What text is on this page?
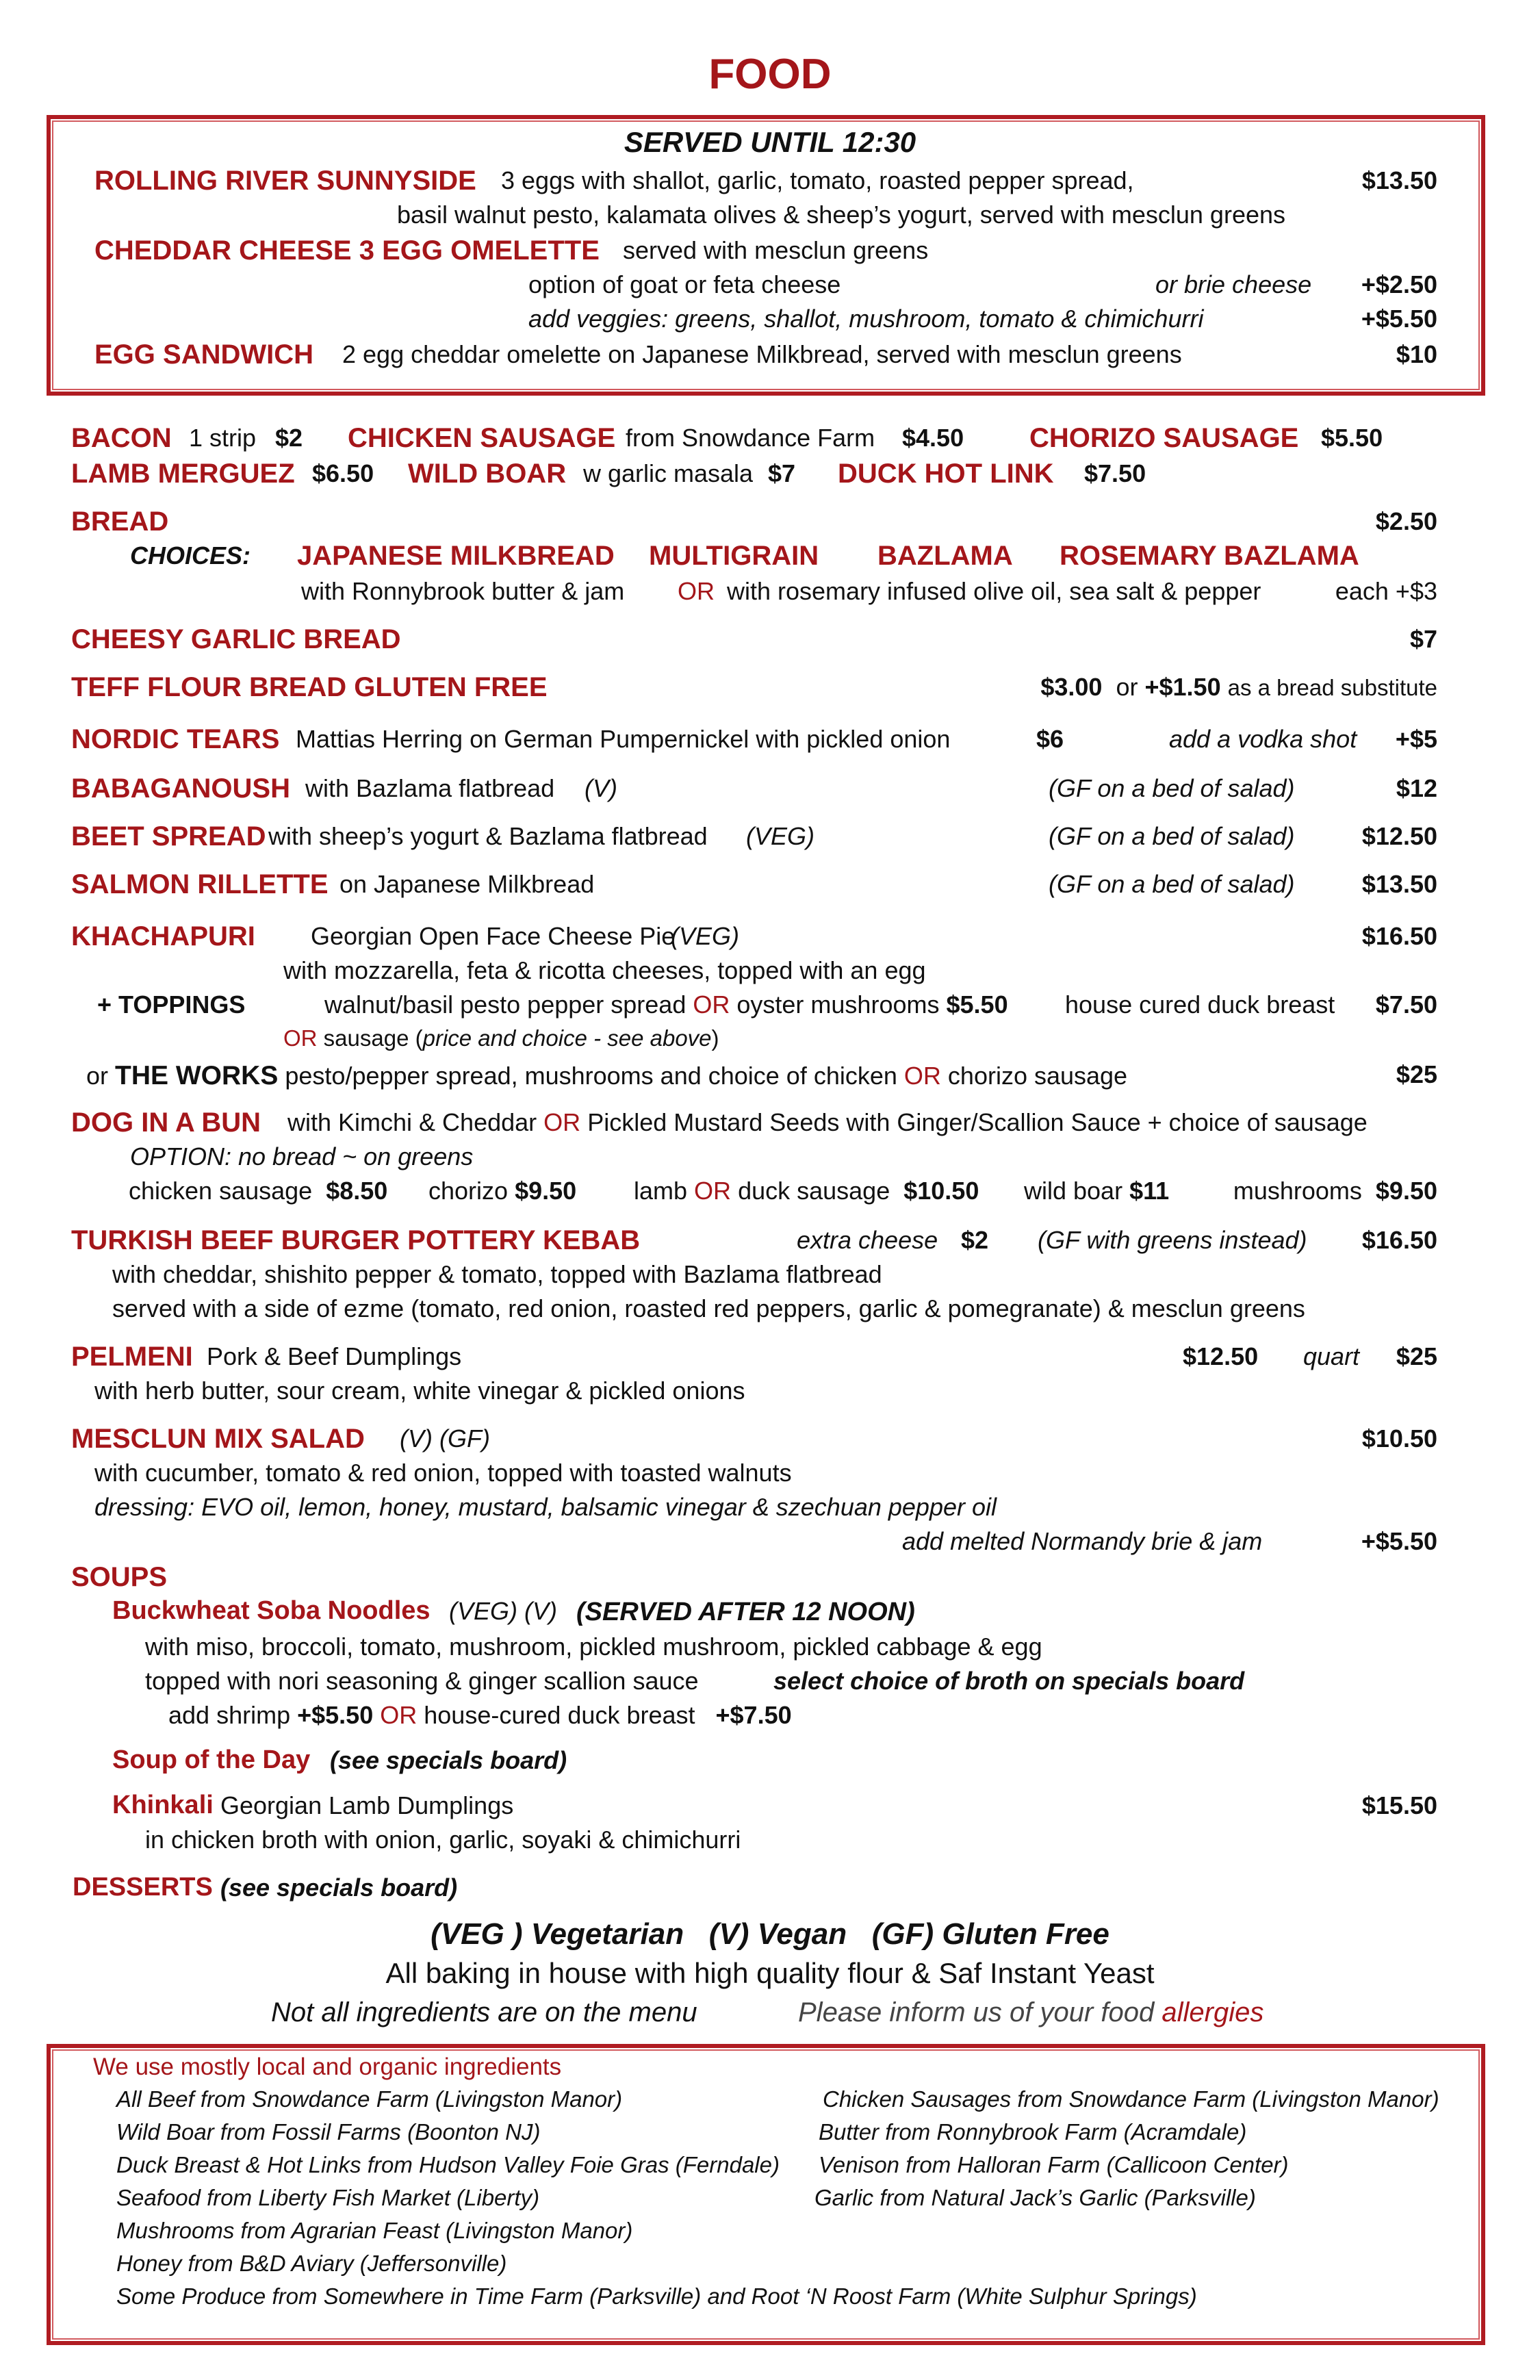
FOOD
SERVED UNTIL 12:30
ROLLING RIVER SUNNYSIDE 3 eggs with shallot, garlic, tomato, roasted pepper spread,	$13.50
basil walnut pesto, kalamata olives & sheep’s yogurt, served with mesclun greens
CHEDDAR CHEESE 3 EGG OMELETTE served with mesclun greens
option of goat or feta cheese	or brie cheese +$2.50
add veggies: greens, shallot, mushroom, tomato & chimichurri	+$5.50
EGG SANDWICH 2 egg cheddar omelette on Japanese Milkbread, served with mesclun greens	$10
BACON 1 strip $2 CHICKEN SAUSAGE from Snowdance Farm $4.50 CHORIZO SAUSAGE $5.50
LAMB MERGUEZ $6.50 WILD BOAR w garlic masala $7 DUCK HOT LINK $7.50
BREAD	$2.50
CHOICES: JAPANESE MILKBREAD MULTIGRAIN BAZLAMA ROSEMARY BAZLAMA
with Ronnybrook butter & jam OR with rosemary infused olive oil, sea salt & pepper	each +$3
CHEESY GARLIC BREAD	$7
TEFF FLOUR BREAD GLUTEN FREE	$3.00 or +$1.50 as a bread substitute
NORDIC TEARS Mattias Herring on German Pumpernickel with pickled onion	$6	add a vodka shot +$5
BABAGANOUSH with Bazlama flatbread (V)	(GF on a bed of salad)	$12
BEET SPREAD with sheep’s yogurt & Bazlama flatbread (VEG)	(GF on a bed of salad)	$12.50
SALMON RILLETTE on Japanese Milkbread	(GF on a bed of salad)	$13.50
KHACHAPURI Georgian Open Face Cheese Pie
(VEG)	$16.50
with mozzarella, feta & ricotta cheeses, topped with an egg
+ TOPPINGS	walnut/basil pesto pepper spread OR oyster mushrooms $5.50 house cured duck breast $7.50
OR sausage (price and choice - see above)
or THE WORKS pesto/pepper spread, mushrooms and choice of chicken OR chorizo sausage	$25
DOG IN A BUN with Kimchi & Cheddar OR Pickled Mustard Seeds with Ginger/Scallion Sauce + choice of sausage
OPTION: no bread ~ on greens
chicken sausage $8.50 chorizo $9.50 lamb OR duck sausage $10.50 wild boar $11	mushrooms $9.50
TURKISH BEEF BURGER POTTERY KEBAB	extra cheese $2 (GF with greens instead) $16.50
with cheddar, shishito pepper & tomato, topped with Bazlama flatbread
served with a side of ezme (tomato, red onion, roasted red peppers, garlic & pomegranate) & mesclun greens
PELMENI Pork & Beef Dumplings	$12.50 quart $25
with herb butter, sour cream, white vinegar & pickled onions
MESCLUN MIX SALAD (V) (GF)	$10.50
with cucumber, tomato & red onion, topped with toasted walnuts
dressing: EVO oil, lemon, honey, mustard, balsamic vinegar & szechuan pepper oil
add melted Normandy brie & jam	+$5.50
SOUPS
Buckwheat Soba Noodles (VEG) (V) (SERVED AFTER 12 NOON)
with miso, broccoli, tomato, mushroom, pickled mushroom, pickled cabbage & egg
topped with nori seasoning & ginger scallion sauce	select choice of broth on specials board
add shrimp +$5.50 OR house-cured duck breast +$7.50
Soup of the Day (see specials board)
Khinkali Georgian Lamb Dumplings	$15.50
in chicken broth with onion, garlic, soyaki & chimichurri
DESSERTS (see specials board)
(VEG ) Vegetarian   (V) Vegan   (GF) Gluten Free
All baking in house with high quality flour & Saf Instant Yeast
Not all ingredients are on the menu	Please inform us of your food allergies
We use mostly local and organic ingredients
All Beef from Snowdance Farm (Livingston Manor)
Wild Boar from Fossil Farms (Boonton NJ)
Duck Breast & Hot Links from Hudson Valley Foie Gras (Ferndale)
Seafood from Liberty Fish Market (Liberty)
Mushrooms from Agrarian Feast (Livingston Manor)
Honey from B&D Aviary (Jeffersonville)
Some Produce from Somewhere in Time Farm (Parksville) and Root ‘N Roost Farm (White Sulphur Springs)
Chicken Sausages from Snowdance Farm (Livingston Manor)
Butter from Ronnybrook Farm (Acramdale)
Venison from Halloran Farm (Callicoon Center)
Garlic from Natural Jack’s Garlic (Parksville)
